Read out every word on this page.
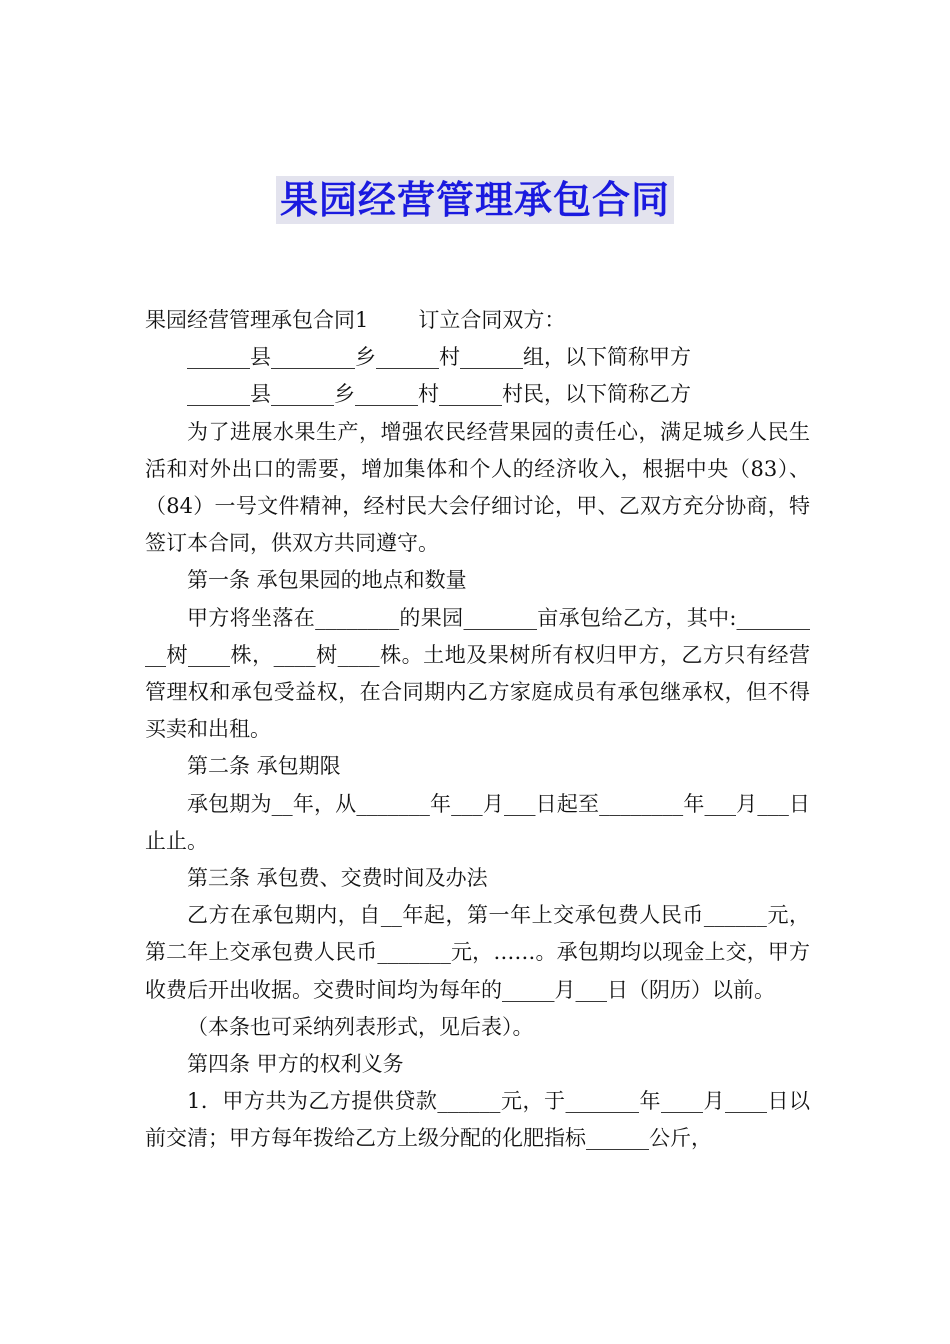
果园经营管理承包合同

果园经营管理承包合同1 订立合同双方：

______县________乡______村______组，以下简称甲方

______县______乡______村______村民，以下简称乙方

为了进展水果生产，增强农民经营果园的责任心，满足城乡人民生活和对外出口的需要，增加集体和个人的经济收入，根据中央（83）、（84）一号文件精神，经村民大会仔细讨论，甲、乙双方充分协商，特签订本合同，供双方共同遵守。

第一条 承包果园的地点和数量

甲方将坐落在________的果园_______亩承包给乙方，其中:_________树____株，____树____株。土地及果树所有权归甲方，乙方只有经营管理权和承包受益权，在合同期内乙方家庭成员有承包继承权，但不得买卖和出租。

第二条 承包期限

承包期为__年，从_______年___月___日起至________年___月___日止止。

第三条 承包费、交费时间及办法

乙方在承包期内，自__年起，第一年上交承包费人民币______元，第二年上交承包费人民币_______元，……。承包期均以现金上交，甲方收费后开出收据。交费时间均为每年的_____月___日（阴历）以前。

（本条也可采纳列表形式，见后表）。

第四条 甲方的权利义务

1．甲方共为乙方提供贷款______元，于_______年____月____日以前交清；甲方每年拨给乙方上级分配的化肥指标______公斤，
